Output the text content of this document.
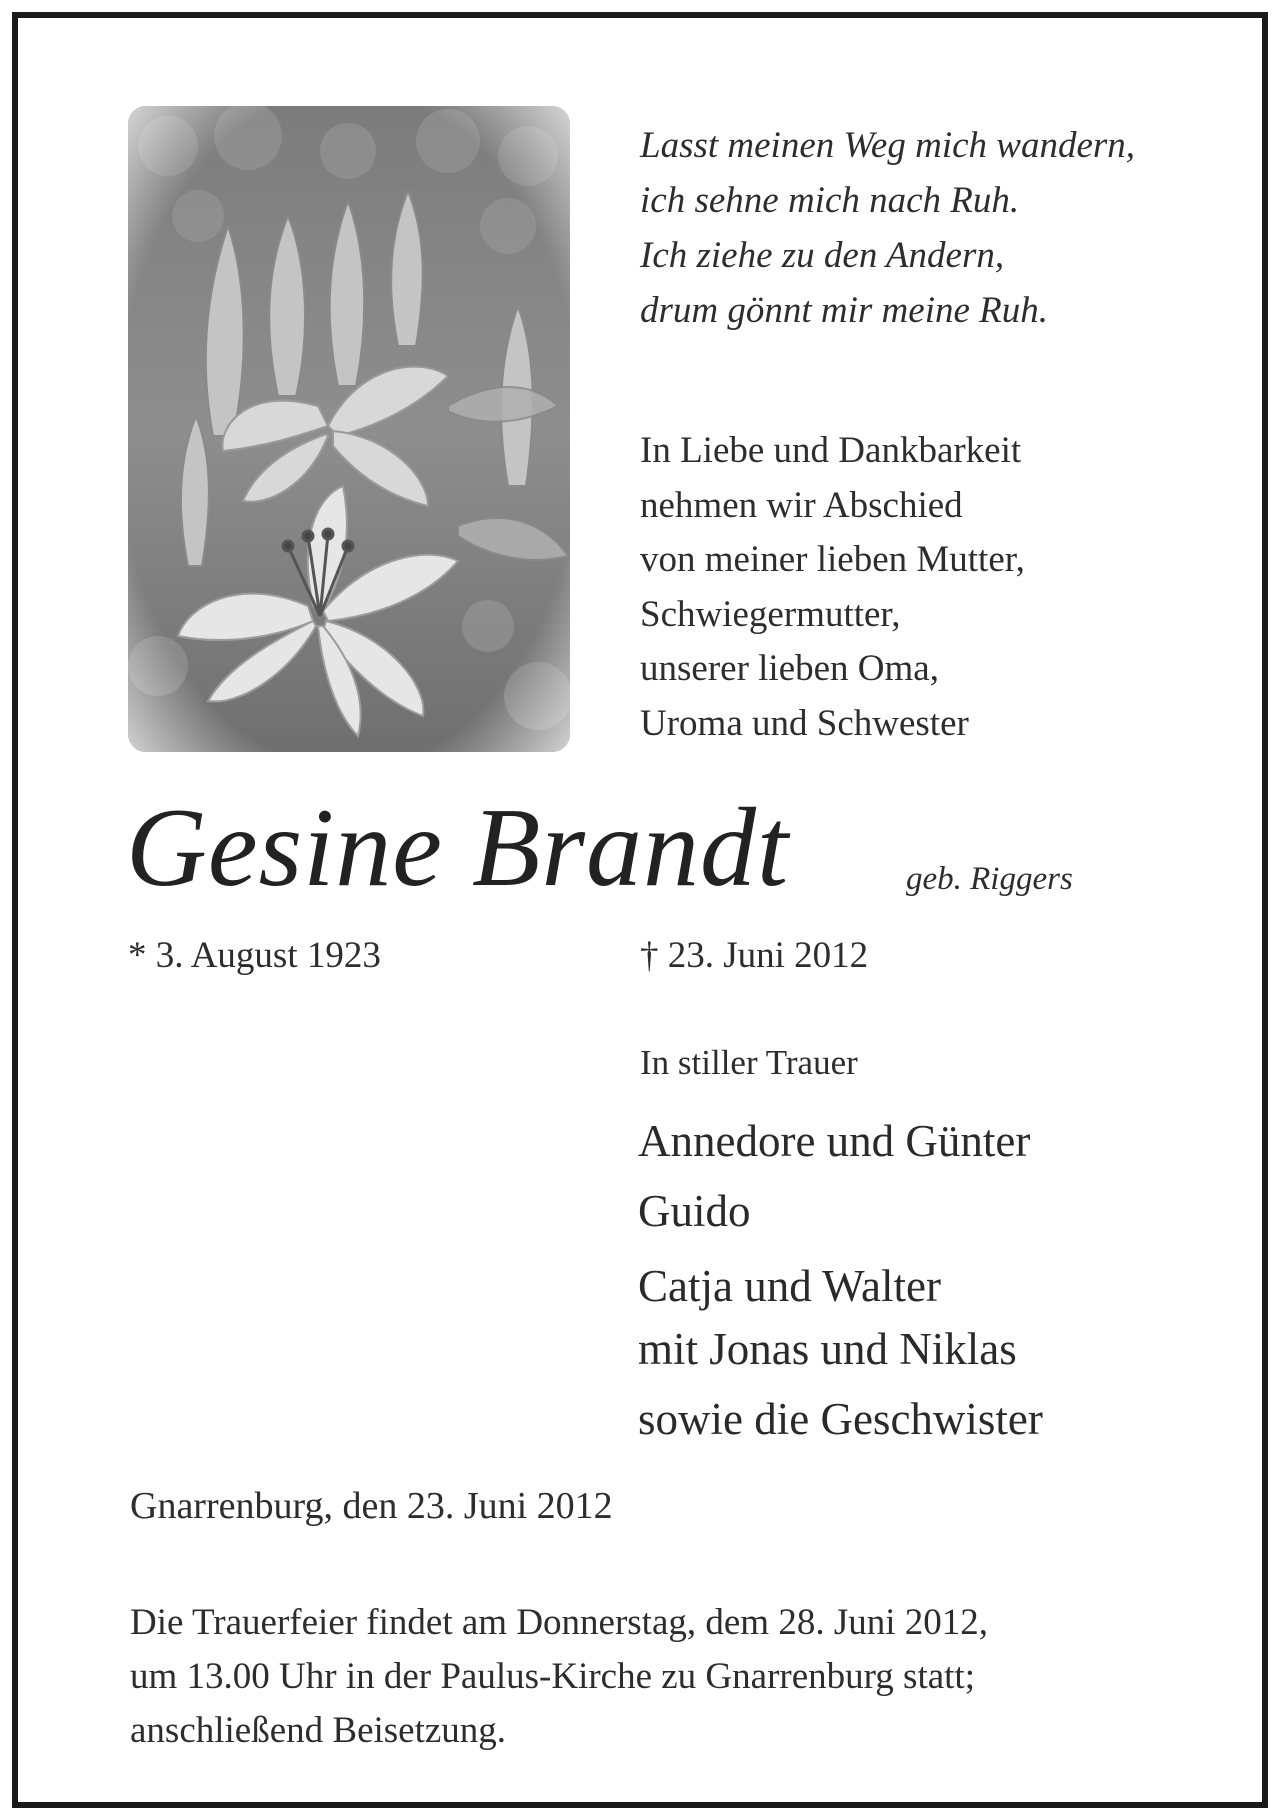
Lasst meinen Weg mich wandern,
ich sehne mich nach Ruh.
Ich ziehe zu den Andern,
drum gönnt mir meine Ruh.
In Liebe und Dankbarkeit
nehmen wir Abschied
von meiner lieben Mutter,
Schwiegermutter,
unserer lieben Oma,
Uroma und Schwester
Gesine Brandt	geb. Riggers
* 3. August 1923	† 23. Juni 2012
In stiller Trauer
Annedore und Günter
Guido
Catja und Walter
mit Jonas und Niklas
sowie die Geschwister
Gnarrenburg, den 23. Juni 2012
Die Trauerfeier findet am Donnerstag, dem 28. Juni 2012,
um 13.00 Uhr in der Paulus-Kirche zu Gnarrenburg statt;
anschließend Beisetzung.
